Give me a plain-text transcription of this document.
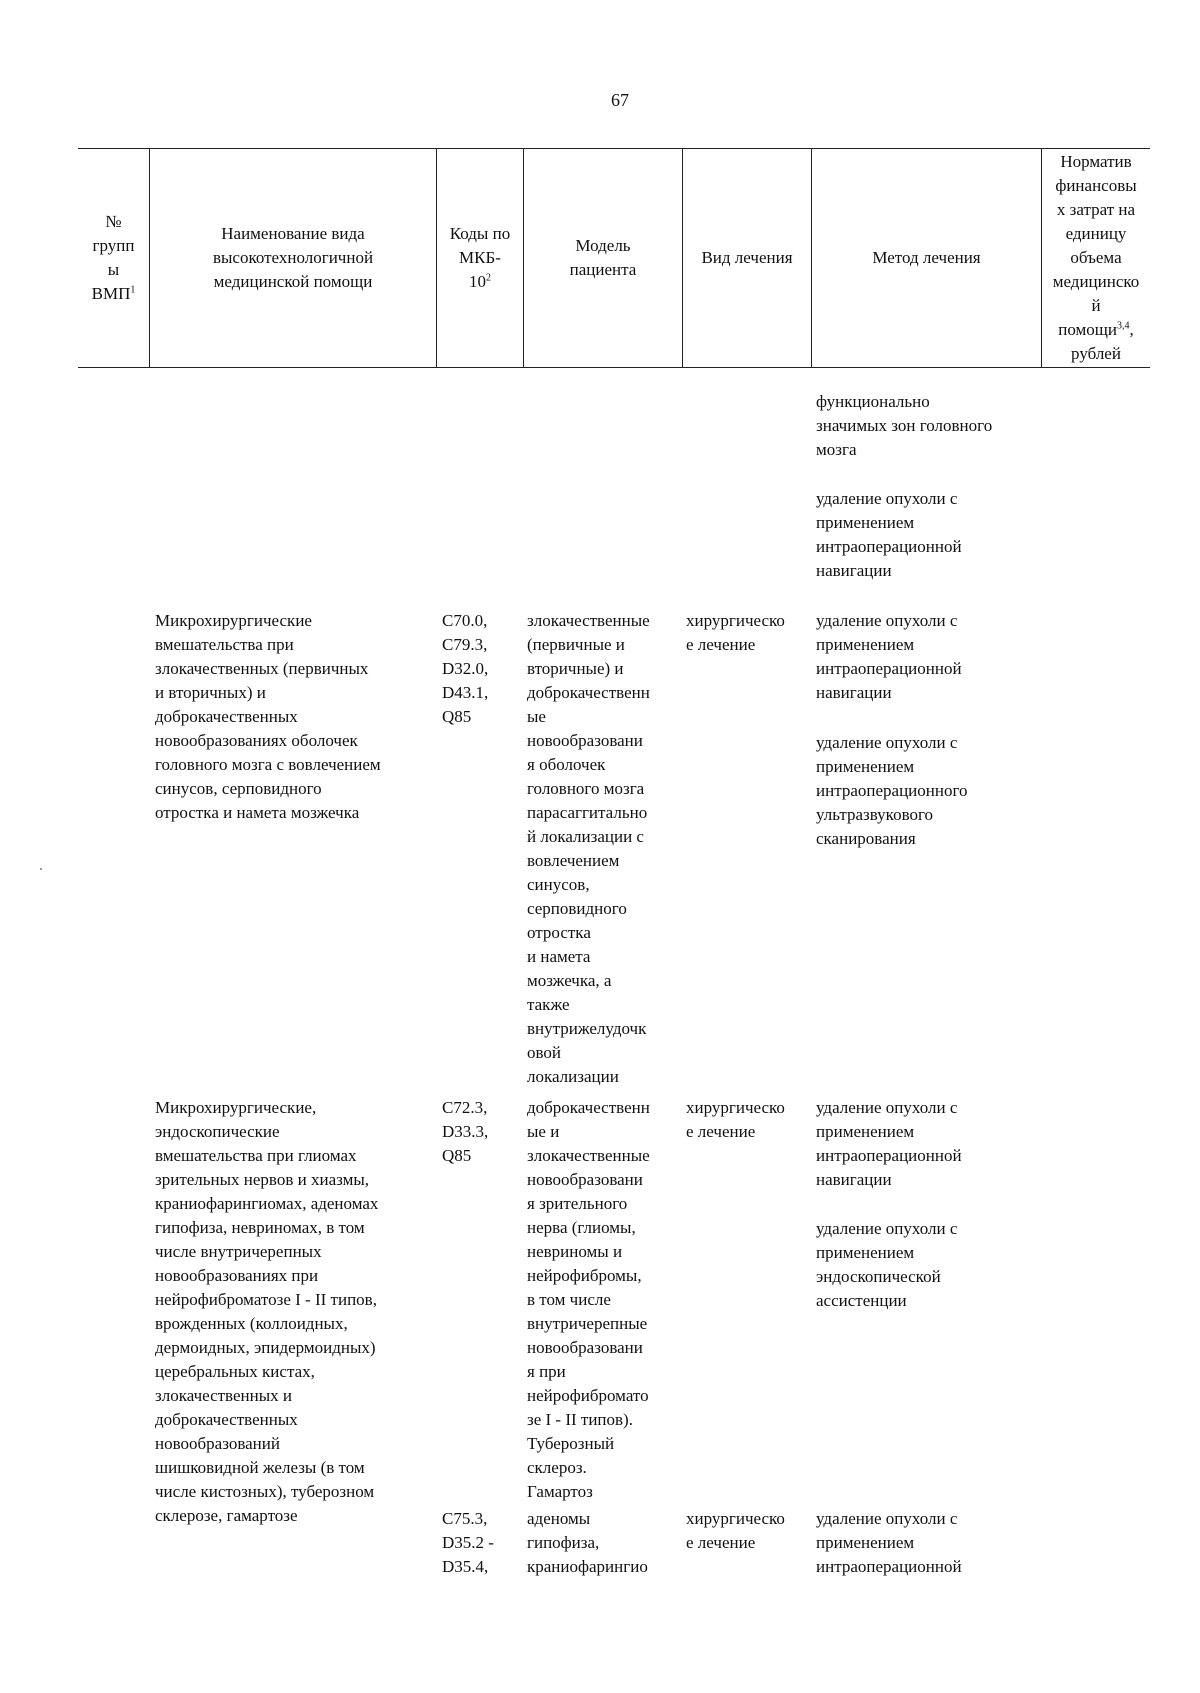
67
№
групп
ы
ВМП$^1$
Наименование вида
высокотехнологичной
медицинской помощи
Коды по
МКБ-
$10^2$
Модель
пациента
Вид лечения	Метод лечения
Норматив
финансовы
х затрат на
единицу
объема
медицинско
й
помощи$^{3,4}$,
рублей
функционально
значимых зон головного
мозга
удаление опухоли с
применением
интраоперационной
навигации
Микрохирургические
вмешательства при
злокачественных (первичных
и вторичных) и
доброкачественных
новообразованиях оболочек
головного мозга с вовлечением
синусов, серповидного
отростка и намета мозжечка
C70.0,
C79.3,
D32.0,
D43.1,
Q85
злокачественные
(первичные и
вторичные) и
доброкачественн
ые
новообразовани
я оболочек
головного мозга
парасаггитально
й локализации с
вовлечением
синусов,
серповидного
отростка
и намета
мозжечка, а
также
внутрижелудочк
овой
локализации
хирургическо
е лечение
удаление опухоли с
применением
интраоперационной
навигации
удаление опухоли с
применением
интраоперационного
ультразвукового
сканирования
Микрохирургические,
эндоскопические
вмешательства при глиомах
зрительных нервов и хиазмы,
краниофарингиомах, аденомах
гипофиза, невриномах, в том
числе внутричерепных
новообразованиях при
нейрофиброматозе I - II типов,
врожденных (коллоидных,
дермоидных, эпидермоидных)
церебральных кистах,
злокачественных и
доброкачественных
новообразований
шишковидной железы (в том
числе кистозных), туберозном
склерозе, гамартозе
C72.3,
D33.3,
Q85
доброкачественн
ые и
злокачественные
новообразовани
я зрительного
нерва (глиомы,
невриномы и
нейрофибромы,
в том числе
внутричерепные
новообразовани
я при
нейрофибромато
зе I - II типов).
Туберозный
склероз.
Гамартоз
хирургическо
е лечение
удаление опухоли с
применением
интраоперационной
навигации
удаление опухоли с
применением
эндоскопической
ассистенции
C75.3,
D35.2 -
D35.4,
аденомы
гипофиза,
краниофарингио
хирургическо
е лечение
удаление опухоли с
применением
интраоперационной
